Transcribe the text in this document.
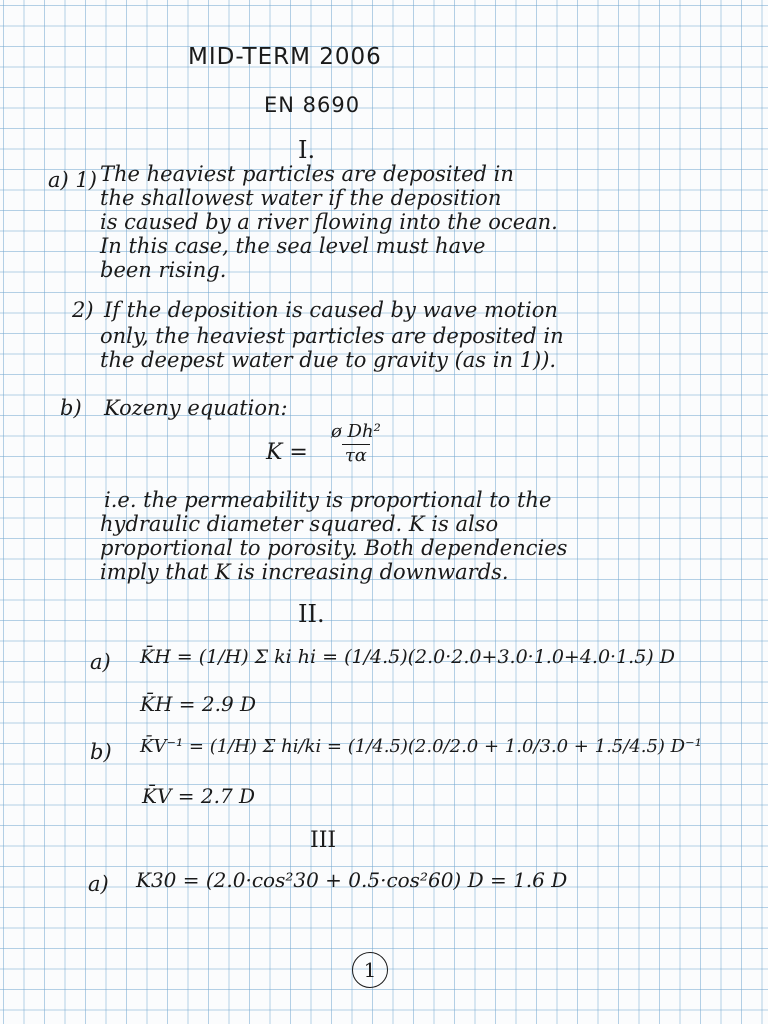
MID-TERM 2006
EN 8690
I.
a) 1) The heaviest particles are deposited in
the shallowest water if the deposition
is caused by a river flowing into the ocean.
In this case, the sea level must have
been rising.
2) If the deposition is caused by wave motion
only, the heaviest particles are deposited in
the deepest water due to gravity (as in 1)).
b) Kozeny equation:
$K = \frac{\text{ø Dh²}}{\tau\alpha}$
i.e. the permeability is proportional to the
hydraulic diameter squared. K is also
proportional to porosity. Both dependencies
imply that K is increasing downwards.
II.
a) K̄H = (1/H) Σ ki hi = (1/4.5)(2.0·2.0+3.0·1.0+4.0·1.5) D
K̄H = 2.9 D
b) K̄V⁻¹ = (1/H) Σ hi/ki = (1/4.5)(2.0/2.0 + 1.0/3.0 + 1.5/4.5) D⁻¹
K̄V = 2.7 D
III
a) K30 = (2.0·cos²30 + 0.5·cos²60) D = 1.6 D
1
